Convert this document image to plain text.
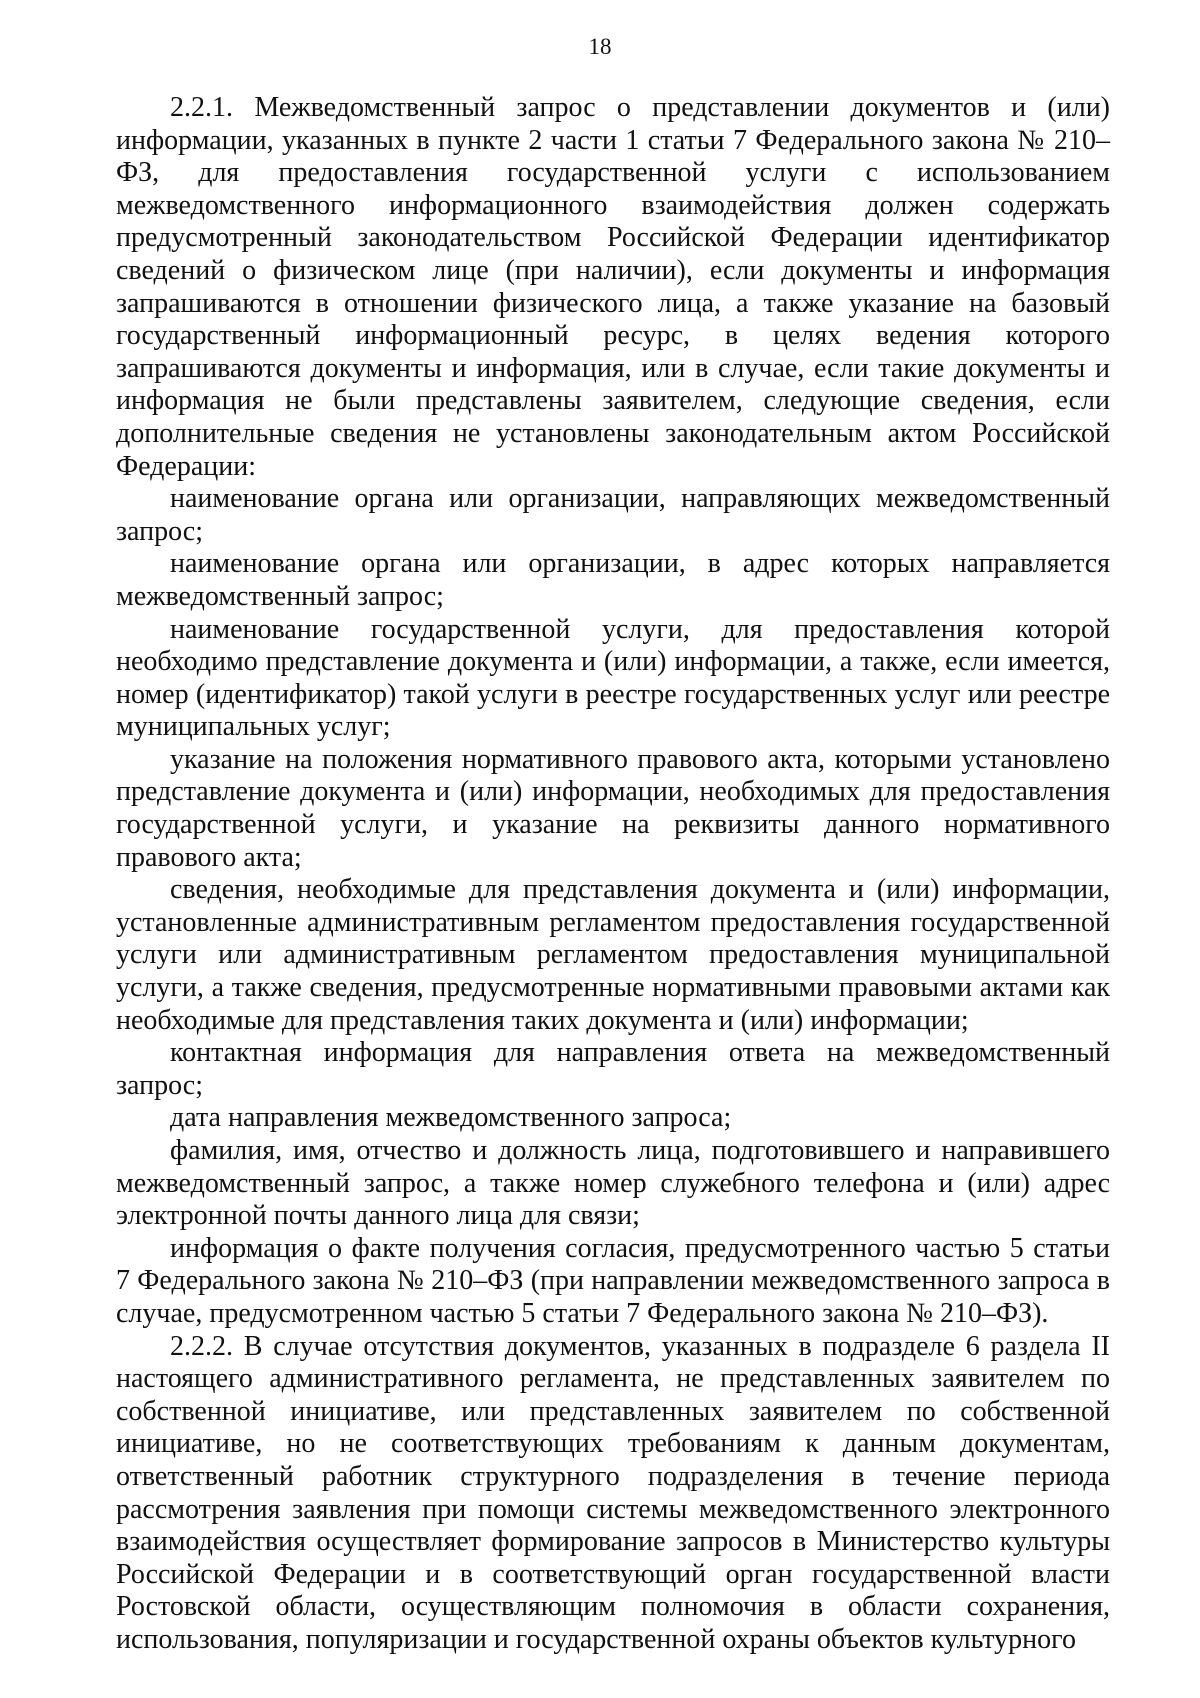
18

2.2.1. Межведомственный запрос о представлении документов и (или) информации, указанных в пункте 2 части 1 статьи 7 Федерального закона № 210–ФЗ, для предоставления государственной услуги с использованием межведомственного информационного взаимодействия должен содержать предусмотренный законодательством Российской Федерации идентификатор сведений о физическом лице (при наличии), если документы и информация запрашиваются в отношении физического лица, а также указание на базовый государственный информационный ресурс, в целях ведения которого запрашиваются документы и информация, или в случае, если такие документы и информация не были представлены заявителем, следующие сведения, если дополнительные сведения не установлены законодательным актом Российской Федерации:

наименование органа или организации, направляющих межведомственный запрос;

наименование органа или организации, в адрес которых направляется межведомственный запрос;

наименование государственной услуги, для предоставления которой необходимо представление документа и (или) информации, а также, если имеется, номер (идентификатор) такой услуги в реестре государственных услуг или реестре муниципальных услуг;

указание на положения нормативного правового акта, которыми установлено представление документа и (или) информации, необходимых для предоставления государственной услуги, и указание на реквизиты данного нормативного правового акта;

сведения, необходимые для представления документа и (или) информации, установленные административным регламентом предоставления государственной услуги или административным регламентом предоставления муниципальной услуги, а также сведения, предусмотренные нормативными правовыми актами как необходимые для представления таких документа и (или) информации;

контактная информация для направления ответа на межведомственный запрос;

дата направления межведомственного запроса;

фамилия, имя, отчество и должность лица, подготовившего и направившего межведомственный запрос, а также номер служебного телефона и (или) адрес электронной почты данного лица для связи;

информация о факте получения согласия, предусмотренного частью 5 статьи 7 Федерального закона № 210–ФЗ (при направлении межведомственного запроса в случае, предусмотренном частью 5 статьи 7 Федерального закона № 210–ФЗ).

2.2.2. В случае отсутствия документов, указанных в подразделе 6 раздела II настоящего административного регламента, не представленных заявителем по собственной инициативе, или представленных заявителем по собственной инициативе, но не соответствующих требованиям к данным документам, ответственный работник структурного подразделения в течение периода рассмотрения заявления при помощи системы межведомственного электронного взаимодействия осуществляет формирование запросов в Министерство культуры Российской Федерации и в соответствующий орган государственной власти Ростовской области, осуществляющим полномочия в области сохранения, использования, популяризации и государственной охраны объектов культурного
